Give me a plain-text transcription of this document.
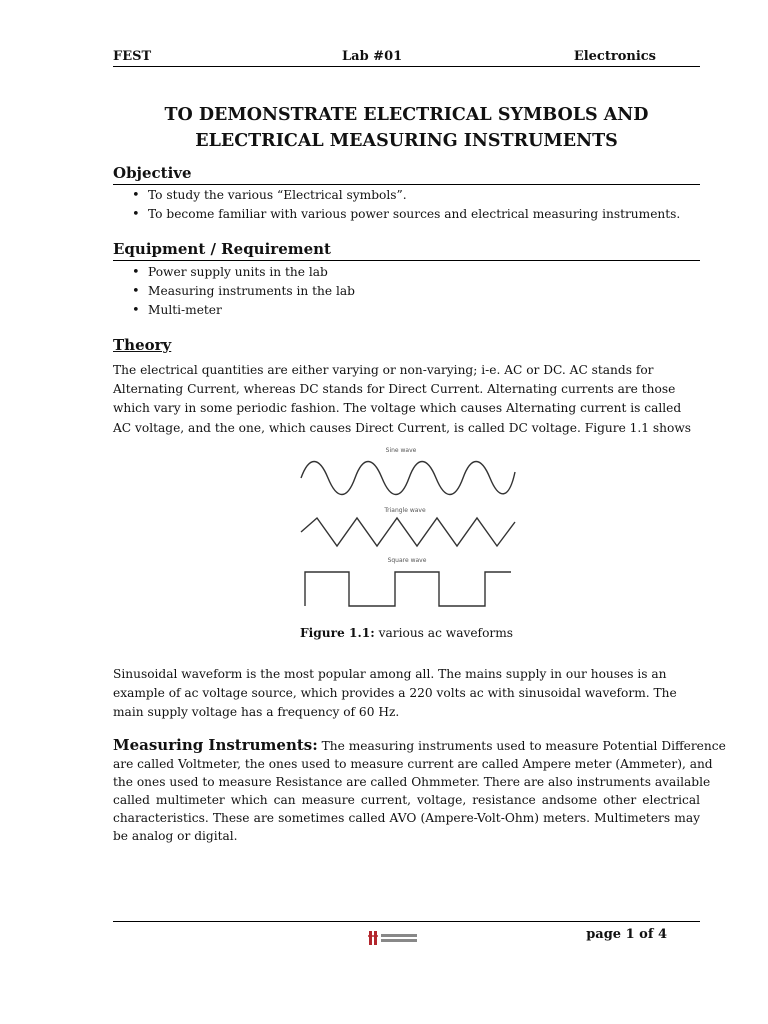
FEST	Lab #01	Electronics
TO DEMONSTRATE ELECTRICAL SYMBOLS AND
ELECTRICAL MEASURING INSTRUMENTS
Objective
• To study the various “Electrical symbols”.
• To become familiar with various power sources and electrical measuring instruments.
Equipment / Requirement
• Power supply units in the lab
• Measuring instruments in the lab
• Multi-meter
Theory

The electrical quantities are either varying or non-varying; i-e. AC or DC. AC stands for
Alternating Current, whereas DC stands for Direct Current. Alternating currents are those
which vary in some periodic fashion. The voltage which causes Alternating current is called
AC voltage, and the one, which causes Direct Current, is called DC voltage. Figure 1.1 shows

Sine wave
Triangle wave
Square wave
Figure 1.1: various ac waveforms

Sinusoidal waveform is the most popular among all. The mains supply in our houses is an
example of ac voltage source, which provides a 220 volts ac with sinusoidal waveform. The
main supply voltage has a frequency of 60 Hz.

Measuring Instruments: The measuring instruments used to measure Potential Difference
are called Voltmeter, the ones used to measure current are called Ampere meter (Ammeter), and
the ones used to measure Resistance are called Ohmmeter. There are also instruments available
called multimeter which can measure current, voltage, resistance andsome other electrical
characteristics. These are sometimes called AVO (Ampere-Volt-Ohm) meters. Multimeters may
be analog or digital.

page 1 of 4
